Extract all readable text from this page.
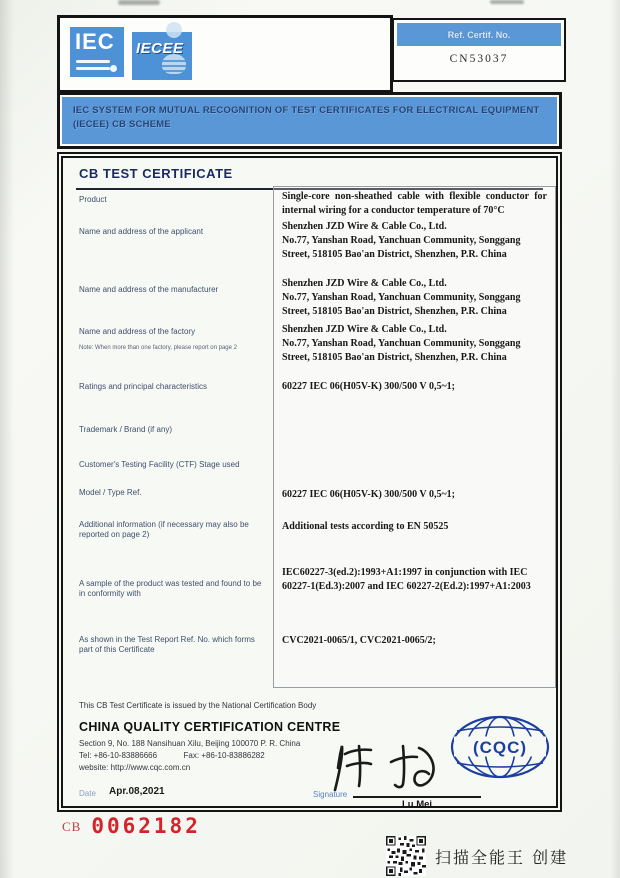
IEC IECEE
Ref. Certif. No.
CN53037
IEC SYSTEM FOR MUTUAL RECOGNITION OF TEST CERTIFICATES FOR ELECTRICAL EQUIPMENT (IECEE) CB SCHEME
CB TEST CERTIFICATE
Product
Name and address of the applicant
Name and address of the manufacturer
Name and address of the factory
Note: When more than one factory, please report on page 2
Ratings and principal characteristics
Trademark / Brand (if any)
Customer's Testing Facility (CTF) Stage used
Model / Type Ref.
Additional information (if necessary may also be reported on page 2)
A sample of the product was tested and found to be in conformity with
As shown in the Test Report Ref. No. which forms part of this Certificate
Single-core non-sheathed cable with flexible conductor for internal wiring for a conductor temperature of 70°C
Shenzhen JZD Wire & Cable Co., Ltd.
No.77, Yanshan Road, Yanchuan Community, Songgang Street, 518105 Bao'an District, Shenzhen, P.R. China
Shenzhen JZD Wire & Cable Co., Ltd.
No.77, Yanshan Road, Yanchuan Community, Songgang Street, 518105 Bao'an District, Shenzhen, P.R. China
Shenzhen JZD Wire & Cable Co., Ltd.
No.77, Yanshan Road, Yanchuan Community, Songgang Street, 518105 Bao'an District, Shenzhen, P.R. China
60227 IEC 06(H05V-K) 300/500 V 0,5~1;
60227 IEC 06(H05V-K) 300/500 V 0,5~1;
Additional tests according to EN 50525
IEC60227-3(ed.2):1993+A1:1997 in conjunction with IEC 60227-1(Ed.3):2007 and IEC 60227-2(Ed.2):1997+A1:2003
CVC2021-0065/1, CVC2021-0065/2;
This CB Test Certificate is issued by the National Certification Body
CHINA QUALITY CERTIFICATION CENTRE
Section 9, No. 188 Nansihuan Xilu, Beijing 100070 P. R. China
Tel: +86-10-83886666	Fax: +86-10-83886282
website: http://www.cqc.com.cn
(CQC)
Signature
Lu Mei
Date Apr.08,2021
CB 0062182
扫描全能王 创建
